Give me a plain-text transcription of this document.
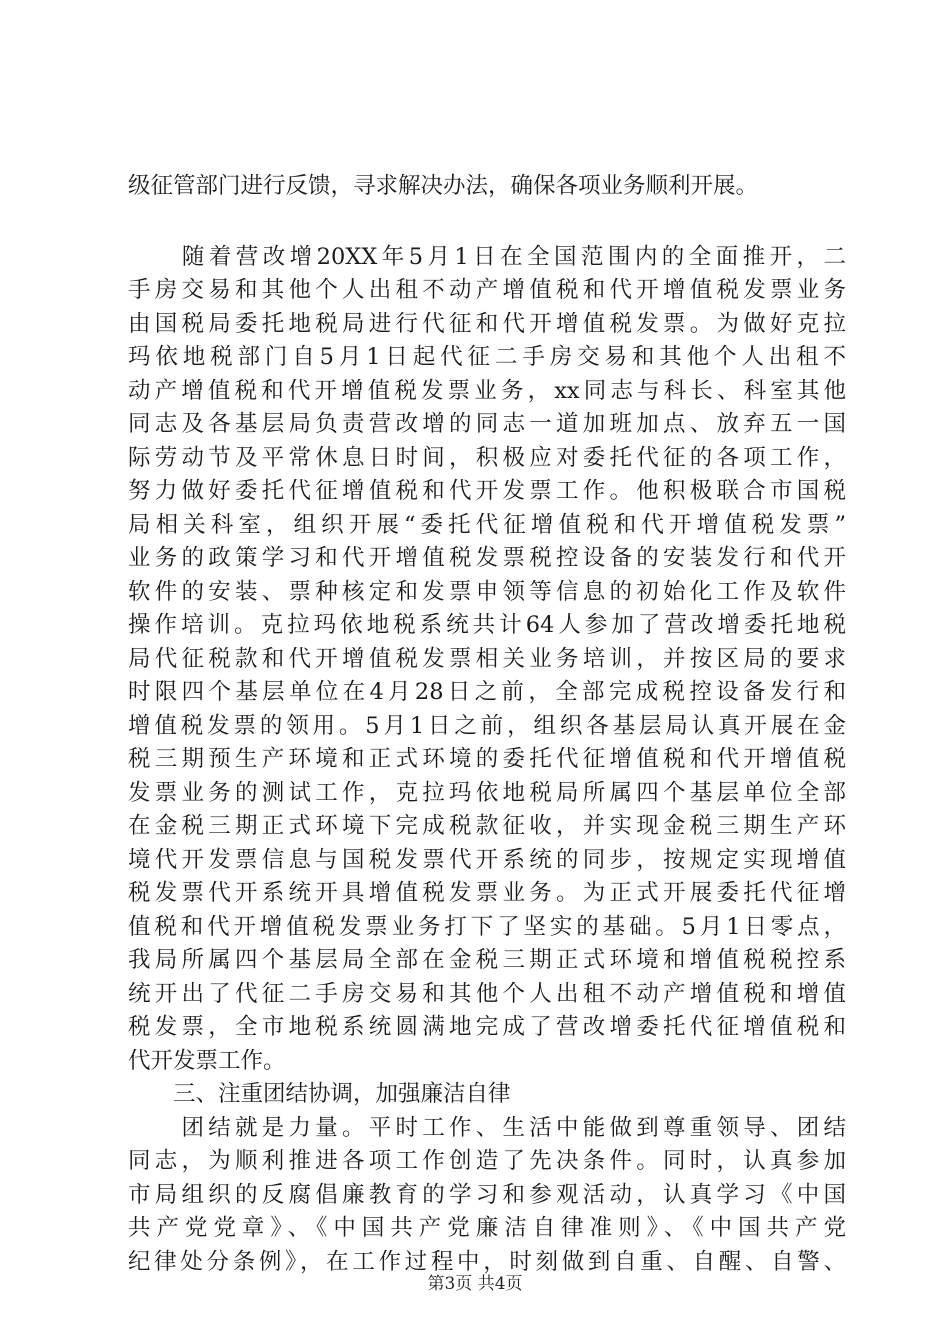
级征管部门进行反馈，寻求解决办法，确保各项业务顺利开展。
　　随着营改增20XX年5月1日在全国范围内的全面推开，二
手房交易和其他个人出租不动产增值税和代开增值税发票业务
由国税局委托地税局进行代征和代开增值税发票。为做好克拉
玛依地税部门自5月1日起代征二手房交易和其他个人出租不
动产增值税和代开增值税发票业务，xx同志与科长、科室其他
同志及各基层局负责营改增的同志一道加班加点、放弃五一国
际劳动节及平常休息日时间，积极应对委托代征的各项工作，
努力做好委托代征增值税和代开发票工作。他积极联合市国税
局相关科室，组织开展“委托代征增值税和代开增值税发票”
业务的政策学习和代开增值税发票税控设备的安装发行和代开
软件的安装、票种核定和发票申领等信息的初始化工作及软件
操作培训。克拉玛依地税系统共计64人参加了营改增委托地税
局代征税款和代开增值税发票相关业务培训，并按区局的要求
时限四个基层单位在4月28日之前，全部完成税控设备发行和
增值税发票的领用。5月1日之前，组织各基层局认真开展在金
税三期预生产环境和正式环境的委托代征增值税和代开增值税
发票业务的测试工作，克拉玛依地税局所属四个基层单位全部
在金税三期正式环境下完成税款征收，并实现金税三期生产环
境代开发票信息与国税发票代开系统的同步，按规定实现增值
税发票代开系统开具增值税发票业务。为正式开展委托代征增
值税和代开增值税发票业务打下了坚实的基础。5月1日零点，
我局所属四个基层局全部在金税三期正式环境和增值税税控系
统开出了代征二手房交易和其他个人出租不动产增值税和增值
税发票，全市地税系统圆满地完成了营改增委托代征增值税和
代开发票工作。
　　三、注重团结协调，加强廉洁自律
　　团结就是力量。平时工作、生活中能做到尊重领导、团结
同志，为顺利推进各项工作创造了先决条件。同时，认真参加
市局组织的反腐倡廉教育的学习和参观活动，认真学习《中国
共产党党章》、《中国共产党廉洁自律准则》、《中国共产党
纪律处分条例》，在工作过程中，时刻做到自重、自醒、自警、
第3页 共4页
